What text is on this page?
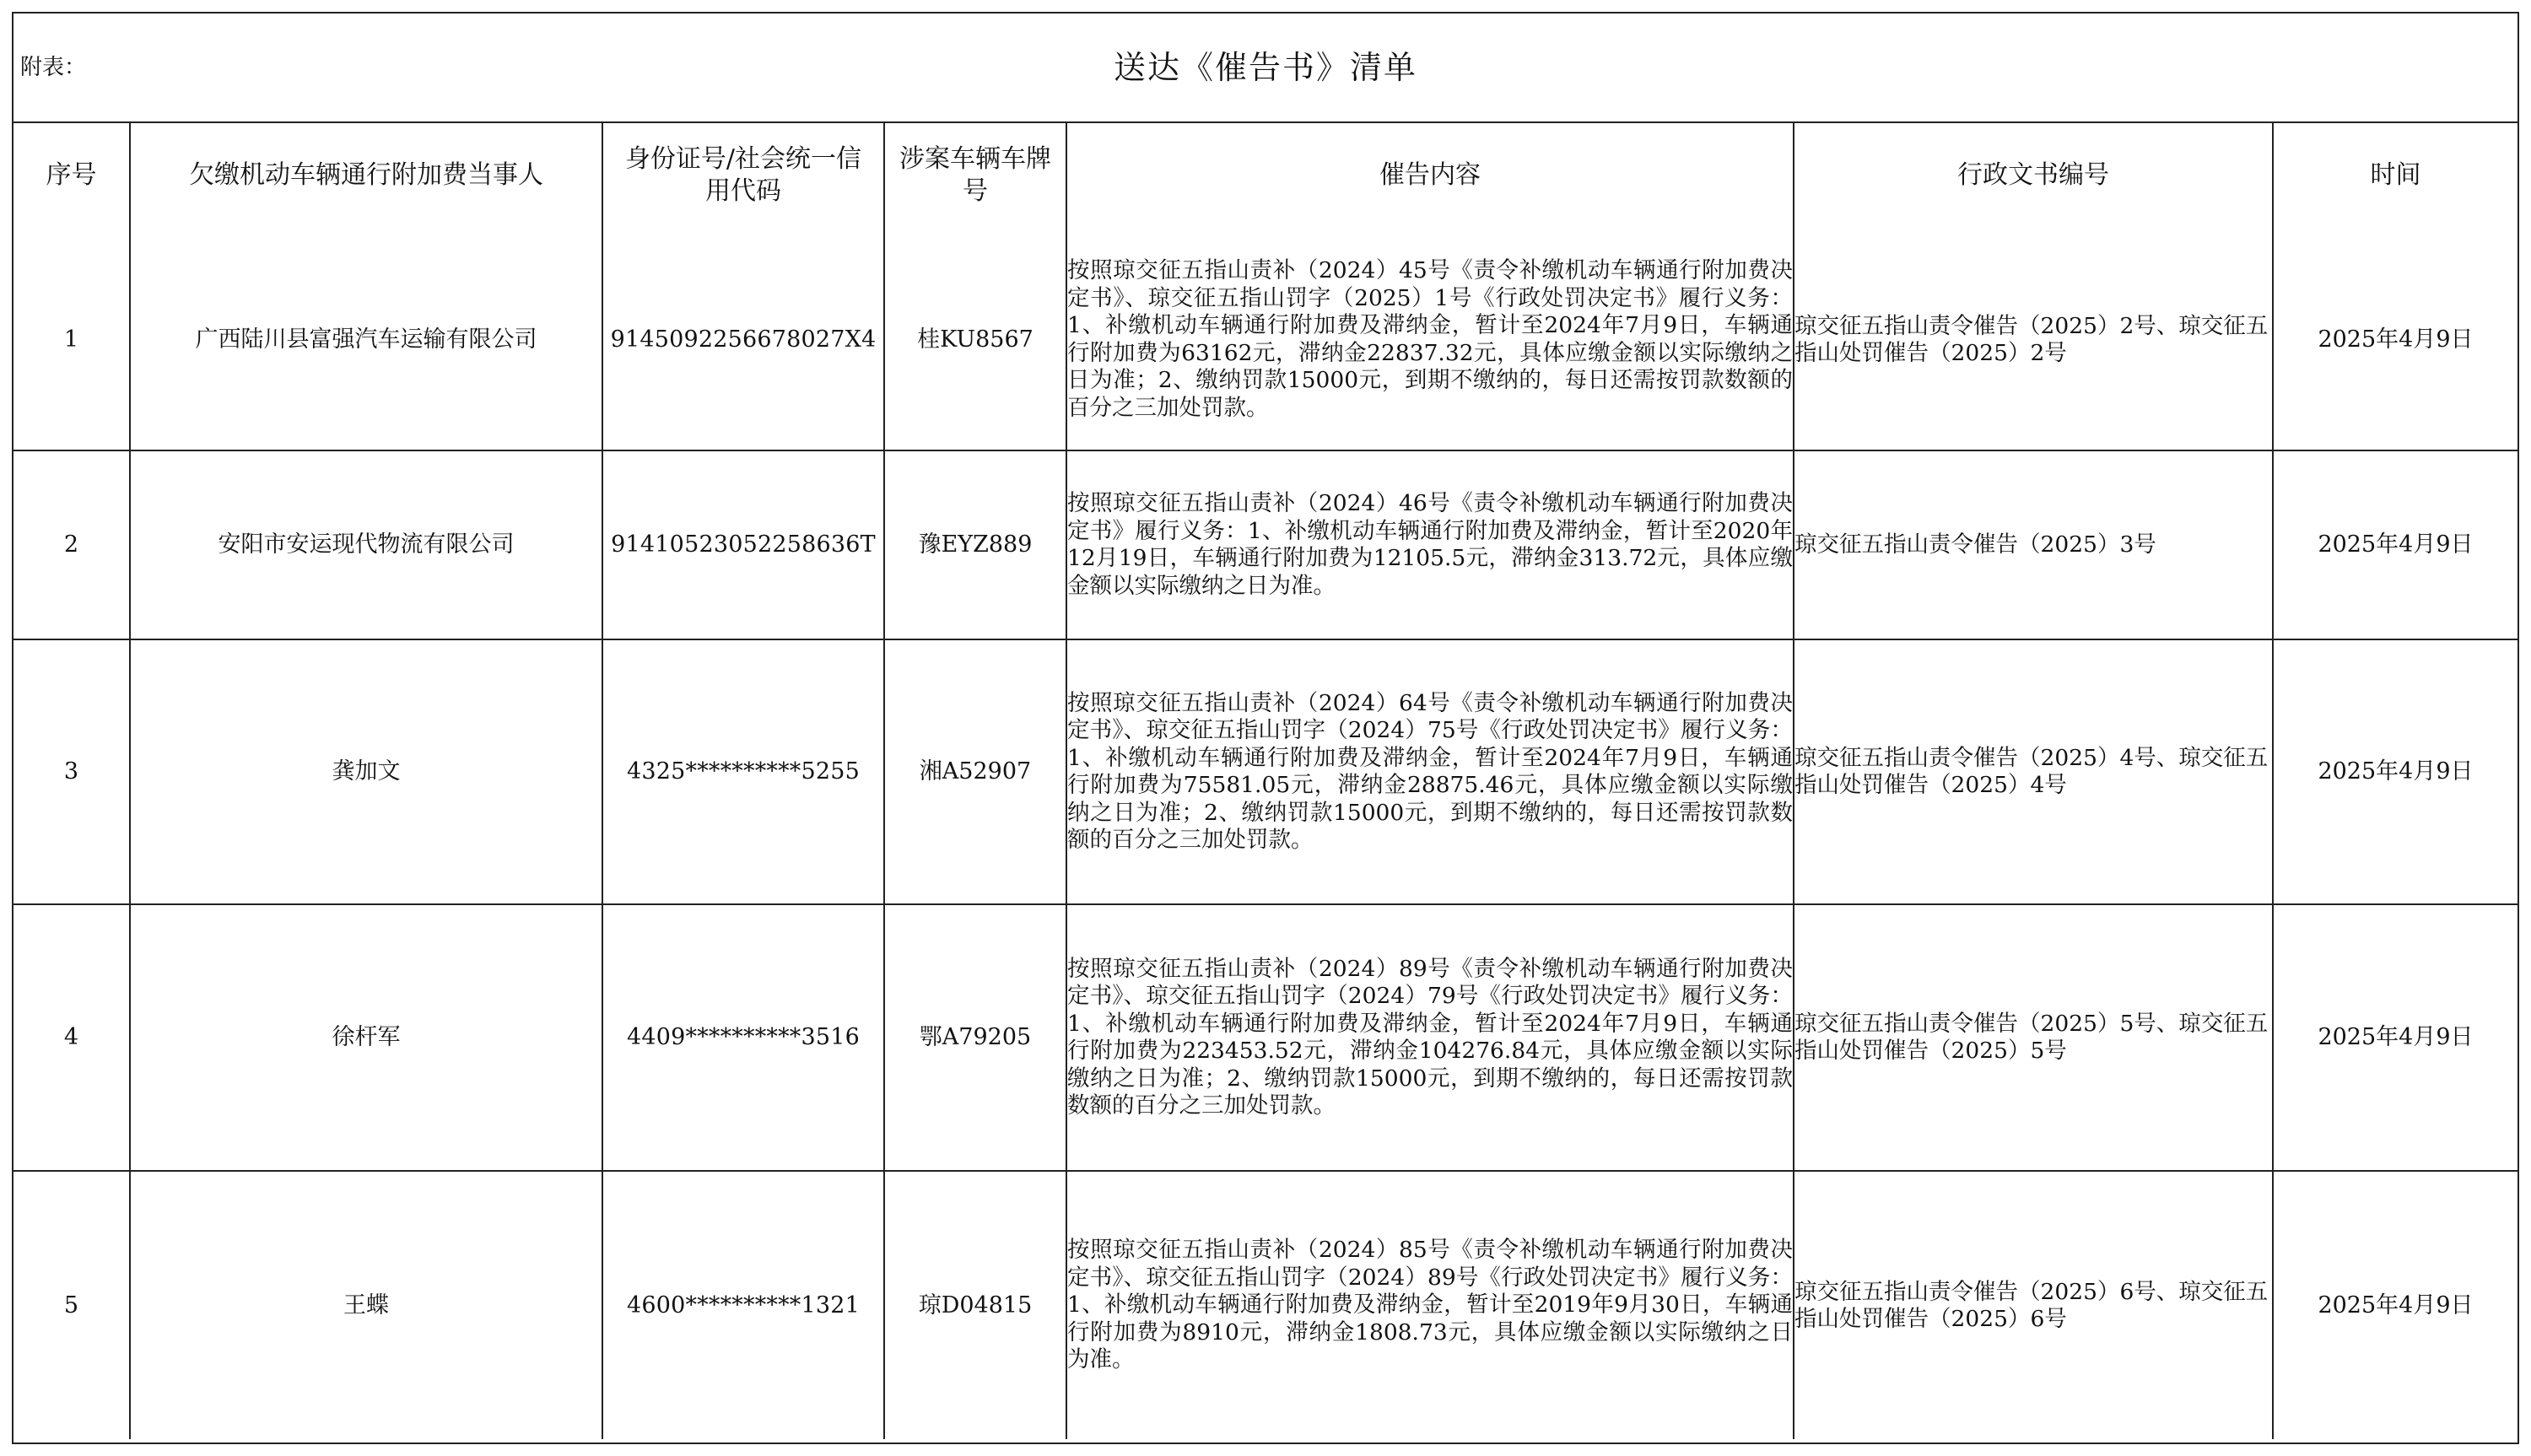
附表：	送达《催告书》清单
序号	欠缴机动车辆通行附加费当事人	身份证号/社会统一信用代码	涉案车辆车牌号	催告内容	行政文书编号	时间
1	广西陆川县富强汽车运输有限公司	9145092256678027X4	桂KU8567	按照琼交征五指山责补（2024）45号《责令补缴机动车辆通行附加费决定书》、琼交征五指山罚字（2025）1号《行政处罚决定书》履行义务：1、补缴机动车辆通行附加费及滞纳金，暂计至2024年7月9日，车辆通行附加费为63162元，滞纳金22837.32元，具体应缴金额以实际缴纳之日为准；2、缴纳罚款15000元，到期不缴纳的，每日还需按罚款数额的百分之三加处罚款。	琼交征五指山责令催告（2025）2号、琼交征五指山处罚催告（2025）2号	2025年4月9日
2	安阳市安运现代物流有限公司	91410523052258636T	豫EYZ889	按照琼交征五指山责补（2024）46号《责令补缴机动车辆通行附加费决定书》履行义务：1、补缴机动车辆通行附加费及滞纳金，暂计至2020年12月19日，车辆通行附加费为12105.5元，滞纳金313.72元，具体应缴金额以实际缴纳之日为准。	琼交征五指山责令催告（2025）3号	2025年4月9日
3	龚加文	4325**********5255	湘A52907	按照琼交征五指山责补（2024）64号《责令补缴机动车辆通行附加费决定书》、琼交征五指山罚字（2024）75号《行政处罚决定书》履行义务：1、补缴机动车辆通行附加费及滞纳金，暂计至2024年7月9日，车辆通行附加费为75581.05元，滞纳金28875.46元，具体应缴金额以实际缴纳之日为准；2、缴纳罚款15000元，到期不缴纳的，每日还需按罚款数额的百分之三加处罚款。	琼交征五指山责令催告（2025）4号、琼交征五指山处罚催告（2025）4号	2025年4月9日
4	徐杆军	4409**********3516	鄂A79205	按照琼交征五指山责补（2024）89号《责令补缴机动车辆通行附加费决定书》、琼交征五指山罚字（2024）79号《行政处罚决定书》履行义务：1、补缴机动车辆通行附加费及滞纳金，暂计至2024年7月9日，车辆通行附加费为223453.52元，滞纳金104276.84元，具体应缴金额以实际缴纳之日为准；2、缴纳罚款15000元，到期不缴纳的，每日还需按罚款数额的百分之三加处罚款。	琼交征五指山责令催告（2025）5号、琼交征五指山处罚催告（2025）5号	2025年4月9日
5	王蝶	4600**********1321	琼D04815	按照琼交征五指山责补（2024）85号《责令补缴机动车辆通行附加费决定书》、琼交征五指山罚字（2024）89号《行政处罚决定书》履行义务：1、补缴机动车辆通行附加费及滞纳金，暂计至2019年9月30日，车辆通行附加费为8910元，滞纳金1808.73元，具体应缴金额以实际缴纳之日为准。	琼交征五指山责令催告（2025）6号、琼交征五指山处罚催告（2025）6号	2025年4月9日
